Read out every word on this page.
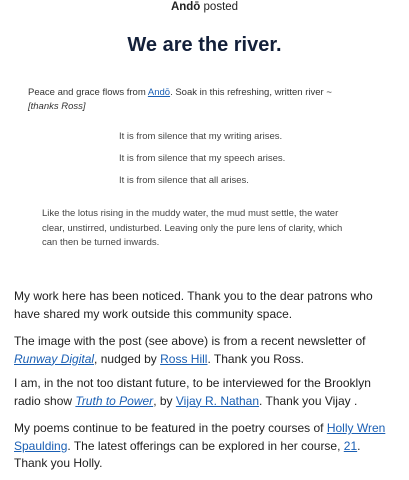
Andō posted
We are the river.
Peace and grace flows from Andō. Soak in this refreshing, written river ~
[thanks Ross]
It is from silence that my writing arises.
It is from silence that my speech arises.
It is from silence that all arises.
Like the lotus rising in the muddy water, the mud must settle, the water clear, unstirred, undisturbed. Leaving only the pure lens of clarity, which can then be turned inwards.
My work here has been noticed. Thank you to the dear patrons who have shared my work outside this community space.
The image with the post (see above) is from a recent newsletter of Runway Digital, nudged by Ross Hill. Thank you Ross.
I am, in the not too distant future, to be interviewed for the Brooklyn radio show Truth to Power, by Vijay R. Nathan. Thank you Vijay .
My poems continue to be featured in the poetry courses of Holly Wren Spaulding. The latest offerings can be explored in her course, 21.
Thank you Holly.
